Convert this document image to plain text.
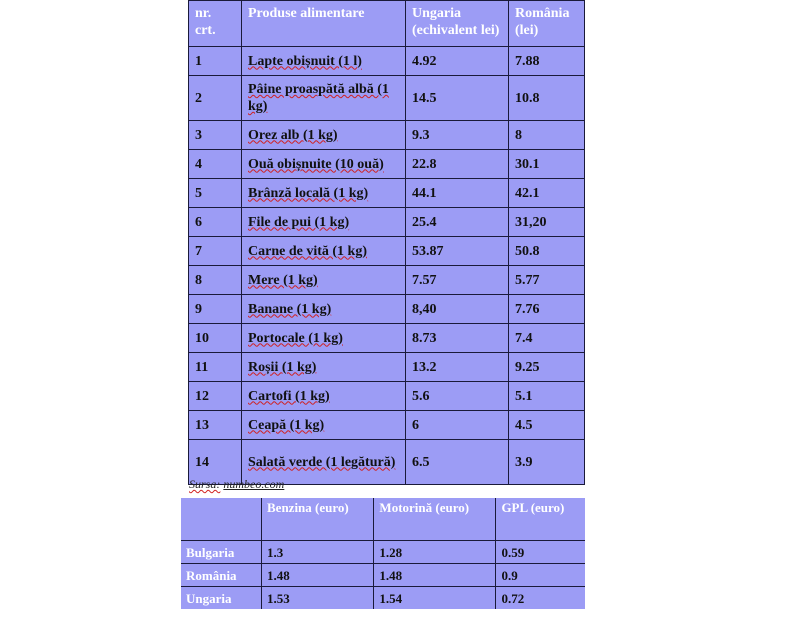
nr. crt.	Produse alimentare	Ungaria (echivalent lei)	România (lei)
1	Lapte obișnuit (1 l)	4.92	7.88
2	Pâine proaspătă albă (1 kg)	14.5	10.8
3	Orez alb (1 kg)	9.3	8
4	Ouă obișnuite (10 ouă)	22.8	30.1
5	Brânză locală (1 kg)	44.1	42.1
6	File de pui (1 kg)	25.4	31,20
7	Carne de vită (1 kg)	53.87	50.8
8	Mere (1 kg)	7.57	5.77
9	Banane (1 kg)	8,40	7.76
10	Portocale (1 kg)	8.73	7.4
11	Roșii (1 kg)	13.2	9.25
12	Cartofi (1 kg)	5.6	5.1
13	Ceapă (1 kg)	6	4.5
14	Salată verde (1 legătură)	6.5	3.9
Sursa: numbeo.com
	Benzina (euro)	Motorină (euro)	GPL (euro)
Bulgaria	1.3	1.28	0.59
România	1.48	1.48	0.9
Ungaria	1.53	1.54	0.72
